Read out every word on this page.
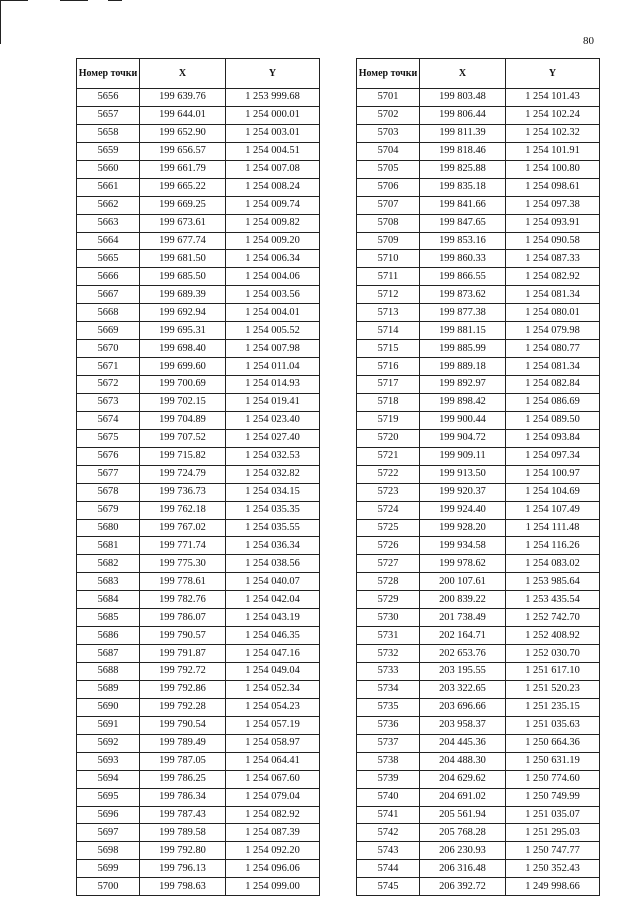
80
Номер точки	X	Y
5656	199 639.76	1 253 999.68
5657	199 644.01	1 254 000.01
5658	199 652.90	1 254 003.01
5659	199 656.57	1 254 004.51
5660	199 661.79	1 254 007.08
5661	199 665.22	1 254 008.24
5662	199 669.25	1 254 009.74
5663	199 673.61	1 254 009.82
5664	199 677.74	1 254 009.20
5665	199 681.50	1 254 006.34
5666	199 685.50	1 254 004.06
5667	199 689.39	1 254 003.56
5668	199 692.94	1 254 004.01
5669	199 695.31	1 254 005.52
5670	199 698.40	1 254 007.98
5671	199 699.60	1 254 011.04
5672	199 700.69	1 254 014.93
5673	199 702.15	1 254 019.41
5674	199 704.89	1 254 023.40
5675	199 707.52	1 254 027.40
5676	199 715.82	1 254 032.53
5677	199 724.79	1 254 032.82
5678	199 736.73	1 254 034.15
5679	199 762.18	1 254 035.35
5680	199 767.02	1 254 035.55
5681	199 771.74	1 254 036.34
5682	199 775.30	1 254 038.56
5683	199 778.61	1 254 040.07
5684	199 782.76	1 254 042.04
5685	199 786.07	1 254 043.19
5686	199 790.57	1 254 046.35
5687	199 791.87	1 254 047.16
5688	199 792.72	1 254 049.04
5689	199 792.86	1 254 052.34
5690	199 792.28	1 254 054.23
5691	199 790.54	1 254 057.19
5692	199 789.49	1 254 058.97
5693	199 787.05	1 254 064.41
5694	199 786.25	1 254 067.60
5695	199 786.34	1 254 079.04
5696	199 787.43	1 254 082.92
5697	199 789.58	1 254 087.39
5698	199 792.80	1 254 092.20
5699	199 796.13	1 254 096.06
5700	199 798.63	1 254 099.00
Номер точки	X	Y
5701	199 803.48	1 254 101.43
5702	199 806.44	1 254 102.24
5703	199 811.39	1 254 102.32
5704	199 818.46	1 254 101.91
5705	199 825.88	1 254 100.80
5706	199 835.18	1 254 098.61
5707	199 841.66	1 254 097.38
5708	199 847.65	1 254 093.91
5709	199 853.16	1 254 090.58
5710	199 860.33	1 254 087.33
5711	199 866.55	1 254 082.92
5712	199 873.62	1 254 081.34
5713	199 877.38	1 254 080.01
5714	199 881.15	1 254 079.98
5715	199 885.99	1 254 080.77
5716	199 889.18	1 254 081.34
5717	199 892.97	1 254 082.84
5718	199 898.42	1 254 086.69
5719	199 900.44	1 254 089.50
5720	199 904.72	1 254 093.84
5721	199 909.11	1 254 097.34
5722	199 913.50	1 254 100.97
5723	199 920.37	1 254 104.69
5724	199 924.40	1 254 107.49
5725	199 928.20	1 254 111.48
5726	199 934.58	1 254 116.26
5727	199 978.62	1 254 083.02
5728	200 107.61	1 253 985.64
5729	200 839.22	1 253 435.54
5730	201 738.49	1 252 742.70
5731	202 164.71	1 252 408.92
5732	202 653.76	1 252 030.70
5733	203 195.55	1 251 617.10
5734	203 322.65	1 251 520.23
5735	203 696.66	1 251 235.15
5736	203 958.37	1 251 035.63
5737	204 445.36	1 250 664.36
5738	204 488.30	1 250 631.19
5739	204 629.62	1 250 774.60
5740	204 691.02	1 250 749.99
5741	205 561.94	1 251 035.07
5742	205 768.28	1 251 295.03
5743	206 230.93	1 250 747.77
5744	206 316.48	1 250 352.43
5745	206 392.72	1 249 998.66
